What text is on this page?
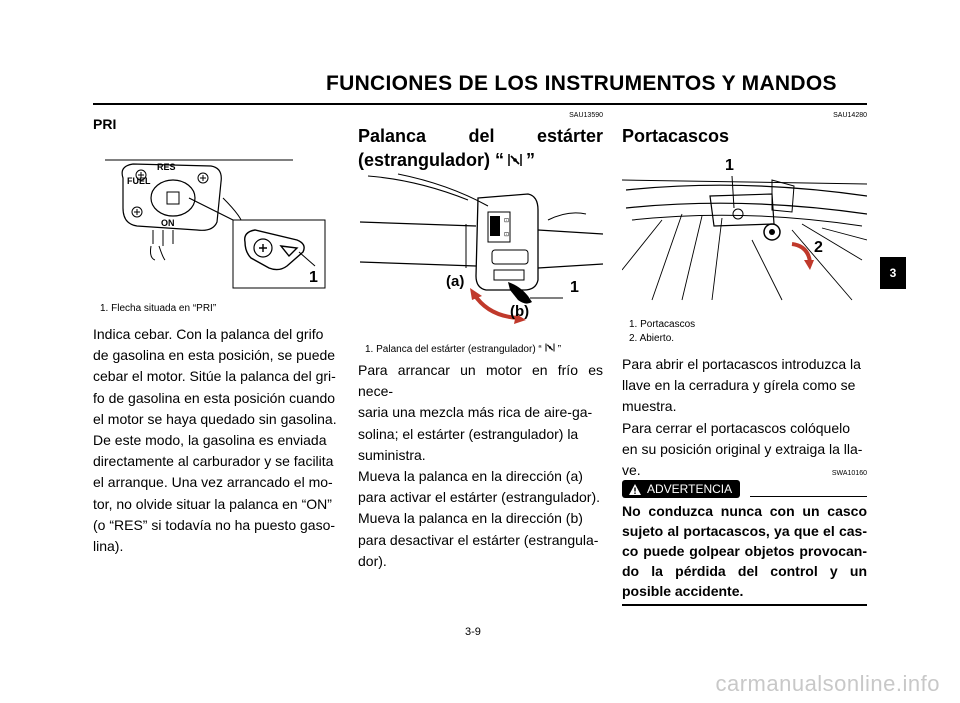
FUNCIONES DE LOS INSTRUMENTOS Y MANDOS
3
PRI
FUEL
RES
ON
1
1. Flecha situada en “PRI”
Indica cebar. Con la palanca del grifo
de gasolina en esta posición, se puede
cebar el motor. Sitúe la palanca del gri-
fo de gasolina en esta posición cuando
el motor se haya quedado sin gasolina.
De este modo, la gasolina es enviada
directamente al carburador y se facilita
el arranque. Una vez arrancado el mo-
tor, no olvide situar la palanca en “ON”
(o “RES” si todavía no ha puesto gaso-
lina).
SAU13590
Palanca del estárter
(estrangulador) “ ”
⊡
⊡
(a)
(b)
1
1. Palanca del estárter (estrangulador) “ ”
Para arrancar un motor en frío es nece-
saria una mezcla más rica de aire-ga-
solina; el estárter (estrangulador) la
suministra.
Mueva la palanca en la dirección (a)
para activar el estárter (estrangulador).
Mueva la palanca en la dirección (b)
para desactivar el estárter (estrangula-
dor).
SAU14280
Portacascos
1
2
1. Portacascos
2. Abierto.
Para abrir el portacascos introduzca la
llave en la cerradura y gírela como se
muestra.
Para cerrar el portacascos colóquelo
en su posición original y extraiga la lla-
ve.	SWA10160
ADVERTENCIA
No conduzca nunca con un casco
sujeto al portacascos, ya que el cas-
co puede golpear objetos provocan-
do la pérdida del control y un
posible accidente.
3-9
carmanualsonline.info
